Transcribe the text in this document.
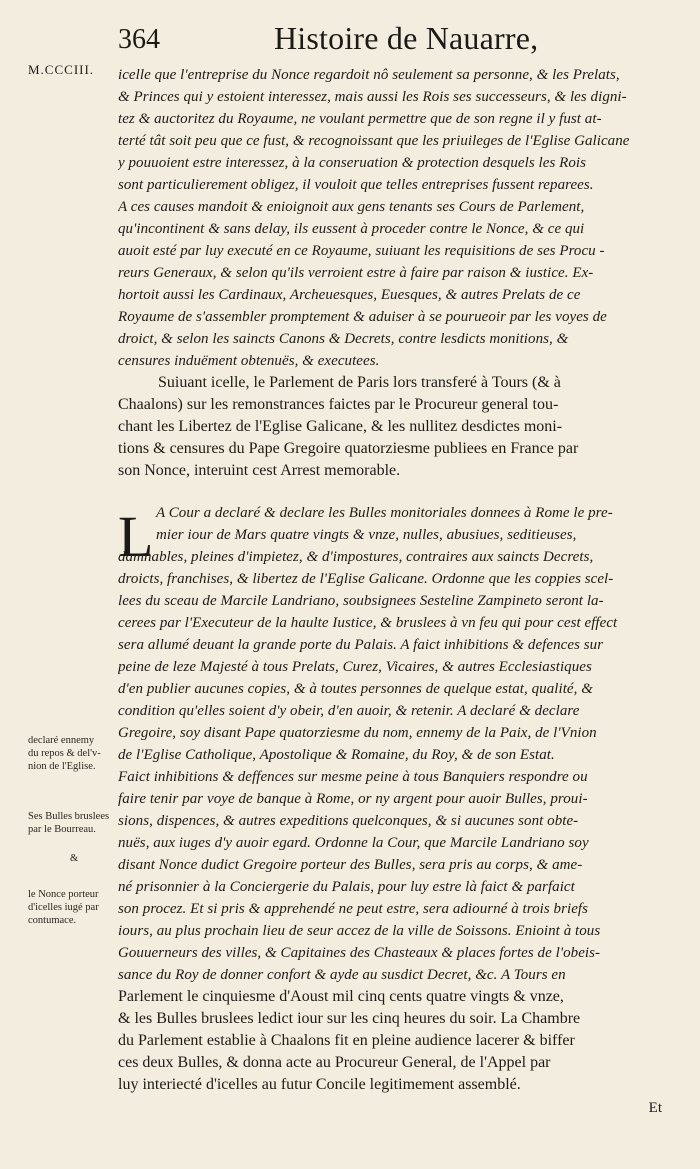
364	Histoire de Nauarre,
M.CCCIII. icelle que l'entreprise du Nonce regardoit nô seulement sa personne, & les Prelats,
& Princes qui y estoient interessez, mais aussi les Rois ses successeurs, & les digni-
tez & auctoritez du Royaume, ne voulant permettre que de son regne il y fust at-
terté tât soit peu que ce fust, & recognoissant que les priuileges de l'Eglise Galicane
y pouuoient estre interessez, à la conseruation & protection desquels les Rois
sont particulierement obligez, il vouloit que telles entreprises fussent reparees.
A ces causes mandoit & enioignoit aux gens tenants ses Cours de Parlement,
qu'incontinent & sans delay, ils eussent à proceder contre le Nonce, & ce qui
auoit esté par luy executé en ce Royaume, suiuant les requisitions de ses Procu -
reurs Generaux, & selon qu'ils verroient estre à faire par raison & iustice. Ex-
hortoit aussi les Cardinaux, Archeuesques, Euesques, & autres Prelats de ce
Royaume de s'assembler promptement & aduiser à se pourueoir par les voyes de
droict, & selon les saincts Canons & Decrets, contre lesdicts monitions, &
censures induëment obtenuës, & executees.
Suiuant icelle, le Parlement de Paris lors transferé à Tours (& à
Chaalons) sur les remonstrances faictes par le Procureur general tou-
chant les Libertez de l'Eglise Galicane, & les nullitez desdictes moni-
tions & censures du Pape Gregoire quatorziesme publiees en France par
son Nonce, interuint cest Arrest memorable.
L A Cour a declaré & declare les Bulles monitoriales donnees à Rome le pre-
mier iour de Mars quatre vingts & vnze, nulles, abusiues, seditieuses,
damnables, pleines d'impietez, & d'impostures, contraires aux saincts Decrets,
droicts, franchises, & libertez de l'Eglise Galicane. Ordonne que les coppies scel-
lees du sceau de Marcile Landriano, soubsignees Sesteline Zampineto seront la-
cerees par l'Executeur de la haulte Iustice, & bruslees à vn feu qui pour cest effect
sera allumé deuant la grande porte du Palais. A faict inhibitions & defences sur
peine de leze Majesté à tous Prelats, Curez, Vicaires, & autres Ecclesiastiques
d'en publier aucunes copies, & à toutes personnes de quelque estat, qualité, &
condition qu'elles soient d'y obeir, d'en auoir, & retenir. A declaré & declare
Gregoire, soy disant Pape quatorziesme du nom, ennemy de la Paix, de l'Vnion
de l'Eglise Catholique, Apostolique & Romaine, du Roy, & de son Estat.
Faict inhibitions & deffences sur mesme peine à tous Banquiers respondre ou
faire tenir par voye de banque à Rome, or ny argent pour auoir Bulles, proui-
sions, dispences, & autres expeditions quelconques, & si aucunes sont obte-
nuës, aux iuges d'y auoir egard. Ordonne la Cour, que Marcile Landriano soy
disant Nonce dudict Gregoire porteur des Bulles, sera pris au corps, & ame-
né prisonnier à la Conciergerie du Palais, pour luy estre là faict & parfaict
son procez. Et si pris & apprehendé ne peut estre, sera adiourné à trois briefs
iours, au plus prochain lieu de seur accez de la ville de Soissons. Enioint à tous
Gouuerneurs des villes, & Capitaines des Chasteaux & places fortes de l'obeis-
sance du Roy de donner confort & ayde au susdict Decret, &c. A Tours en
Parlement le cinquiesme d'Aoust mil cinq cents quatre vingts & vnze,
& les Bulles bruslees ledict iour sur les cinq heures du soir. La Chambre
du Parlement establie à Chaalons fit en pleine audience lacerer & biffer
ces deux Bulles, & donna acte au Procureur General, de l'Appel par
luy interiecté d'icelles au futur Concile legitimement assemblé.
declaré ennemy
du repos & del'v-
nion de l'Eglise.
Ses Bulles bruslees
par le Bourreau.
&
le Nonce porteur
d'icelles iugé par
contumace.
Et
